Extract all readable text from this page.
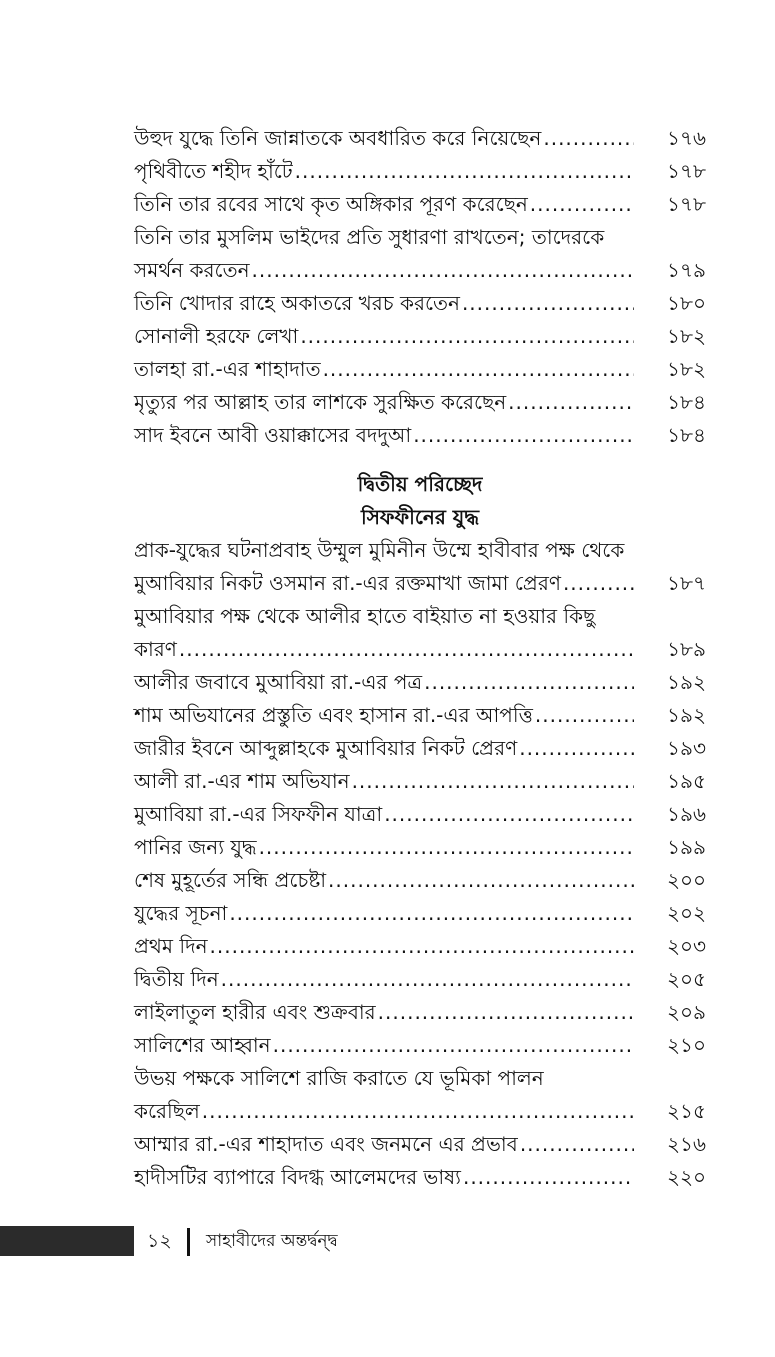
উহুদ যুদ্ধে তিনি জান্নাতকে অবধারিত করে নিয়েছেন .....	১৭৬
পৃথিবীতে শহীদ হাঁটে .....	১৭৮
তিনি তার রবের সাথে কৃত অঙ্গিকার পূরণ করেছেন .....	১৭৮
তিনি তার মুসলিম ভাইদের প্রতি সুধারণা রাখতেন; তাদেরকে
সমর্থন করতেন .....	১৭৯
তিনি খোদার রাহে অকাতরে খরচ করতেন .....	১৮০
সোনালী হরফে লেখা .....	১৮২
তালহা রা.-এর শাহাদাত .....	১৮২
মৃত্যুর পর আল্লাহ তার লাশকে সুরক্ষিত করেছেন .....	১৮৪
সাদ ইবনে আবী ওয়াক্কাসের বদদুআ .....	১৮৪
দ্বিতীয় পরিচ্ছেদ
সিফফীনের যুদ্ধ
প্রাক-যুদ্ধের ঘটনাপ্রবাহ উম্মুল মুমিনীন উম্মে হাবীবার পক্ষ থেকে
মুআবিয়ার নিকট ওসমান রা.-এর রক্তমাখা জামা প্রেরণ .....	১৮৭
মুআবিয়ার পক্ষ থেকে আলীর হাতে বাইয়াত না হওয়ার কিছু
কারণ .....	১৮৯
আলীর জবাবে মুআবিয়া রা.-এর পত্র .....	১৯২
শাম অভিযানের প্রস্তুতি এবং হাসান রা.-এর আপত্তি .....	১৯২
জারীর ইবনে আব্দুল্লাহকে মুআবিয়ার নিকট প্রেরণ .....	১৯৩
আলী রা.-এর শাম অভিযান .....	১৯৫
মুআবিয়া রা.-এর সিফফীন যাত্রা .....	১৯৬
পানির জন্য যুদ্ধ .....	১৯৯
শেষ মুহূর্তের সন্ধি প্রচেষ্টা .....	২০০
যুদ্ধের সূচনা .....	২০২
প্রথম দিন .....	২০৩
দ্বিতীয় দিন .....	২০৫
লাইলাতুল হারীর এবং শুক্রবার .....	২০৯
সালিশের আহ্বান .....	২১০
উভয় পক্ষকে সালিশে রাজি করাতে যে ভূমিকা পালন
করেছিল .....	২১৫
আম্মার রা.-এর শাহাদাত এবং জনমনে এর প্রভাব .....	২১৬
হাদীসটির ব্যাপারে বিদগ্ধ আলেমদের ভাষ্য .....	২২০
১২ সাহাবীদের অন্তর্দ্বন্দ্ব
